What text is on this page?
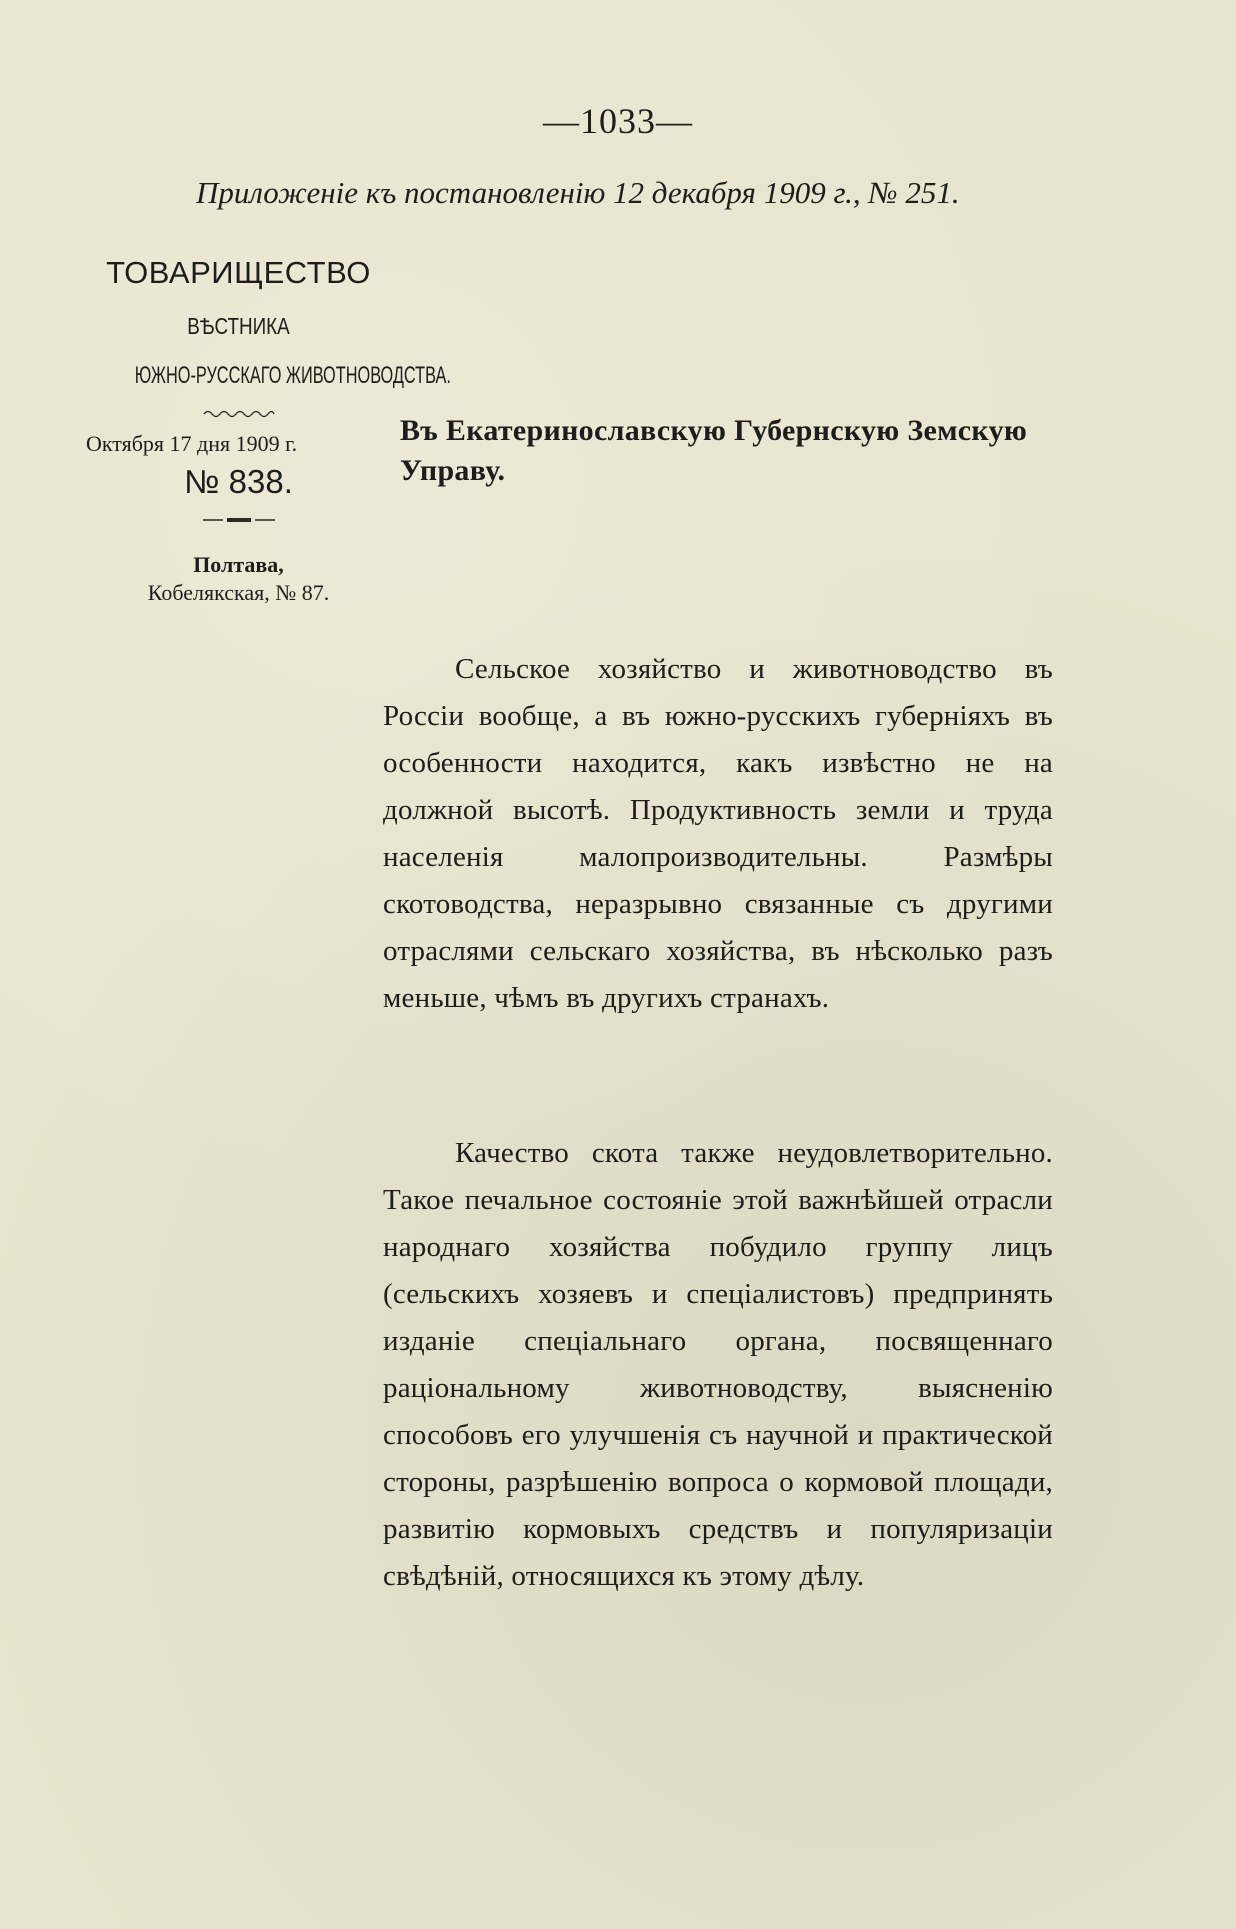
—1033—
Приложенiе къ постановленiю 12 декабря 1909 г., № 251.
ТОВАРИЩЕСТВО
ВѢСТНИКА
ЮЖНО-РУССКАГО ЖИВОТНОВОДСТВА.
Октября 17 дня 1909 г.
№ 838.
Полтава,
Кобелякская, № 87.
Въ Екатеринославскую Губернскую Земскую Управу.
Сельское хозяйство и животноводство въ Россiи вообще, а въ южно-русскихъ губернiяхъ въ особенности находится, какъ извѣстно не на должной высотѣ. Продуктивность земли и труда населенiя малопроизводительны. Размѣры скотоводства, неразрывно связанные съ другими отраслями сельскаго хозяйства, въ нѣсколько разъ меньше, чѣмъ въ другихъ странахъ.
Качество скота также неудовлетворительно. Такое печальное состоянiе этой важнѣйшей отрасли народнаго хозяйства побудило группу лицъ (сельскихъ хозяевъ и спецiалистовъ) предпринять изданiе спецiальнаго органа, посвященнаго рацiональному животноводству, выясненiю способовъ его улучшенiя съ научной и практической стороны, разрѣшенiю вопроса о кормовой площади, развитiю кормовыхъ средствъ и популяризацiи свѣдѣнiй, относящихся къ этому дѣлу.
